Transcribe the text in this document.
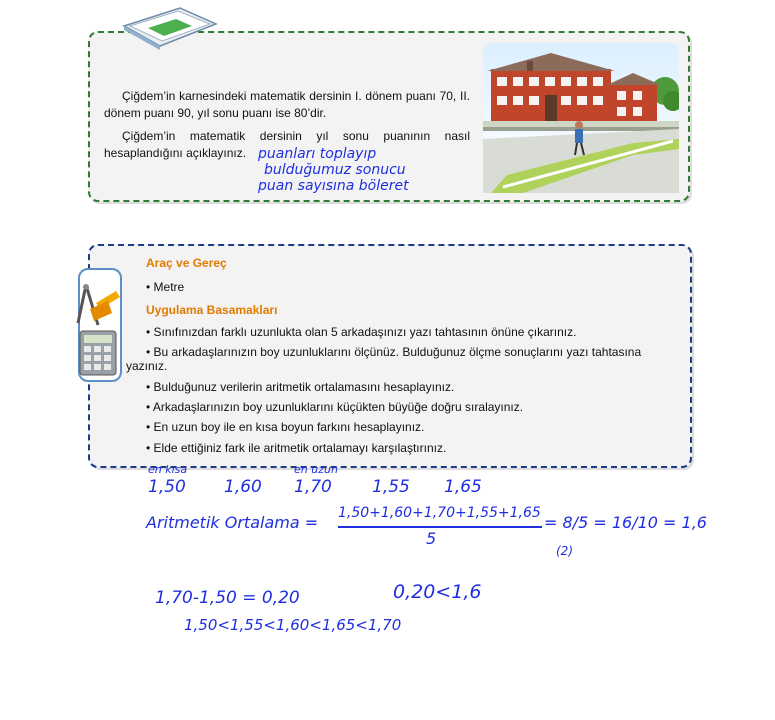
Çiğdem’in karnesindeki matematik dersinin I. dönem puanı 70, II. dönem puanı 90, yıl sonu puanı ise 80’dir.

Çiğdem’in matematik dersinin yıl sonu puanının nasıl hesaplandığını açıklayınız. puanları toplayıp
bulduğumuz sonucu
puan sayısına böleret
Araç ve Gereç
• Metre
Uygulama Basamakları
• Sınıfınızdan farklı uzunlukta olan 5 arkadaşınızı yazı tahtasının önüne çıkarınız.
• Bu arkadaşlarınızın boy uzunluklarını ölçünüz. Bulduğunuz ölçme sonuçlarını yazı tahtasına yazınız.
• Bulduğunuz verilerin aritmetik ortalamasını hesaplayınız.
• Arkadaşlarınızın boy uzunluklarını küçükten büyüğe doğru sıralayınız.
• En uzun boy ile en kısa boyun farkını hesaplayınız.
• Elde ettiğiniz fark ile aritmetik ortalamayı karşılaştırınız.
en kısa	en uzun
1,50 1,60 1,70 1,55 1,65
Aritmetik Ortalama = 1,50+1,60+1,70+1,55+1,65
5
= 8/5 = 16/10 = 1,6
(2)
1,70-1,50 = 0,20	0,20<1,6
1,50<1,55<1,60<1,65<1,70
